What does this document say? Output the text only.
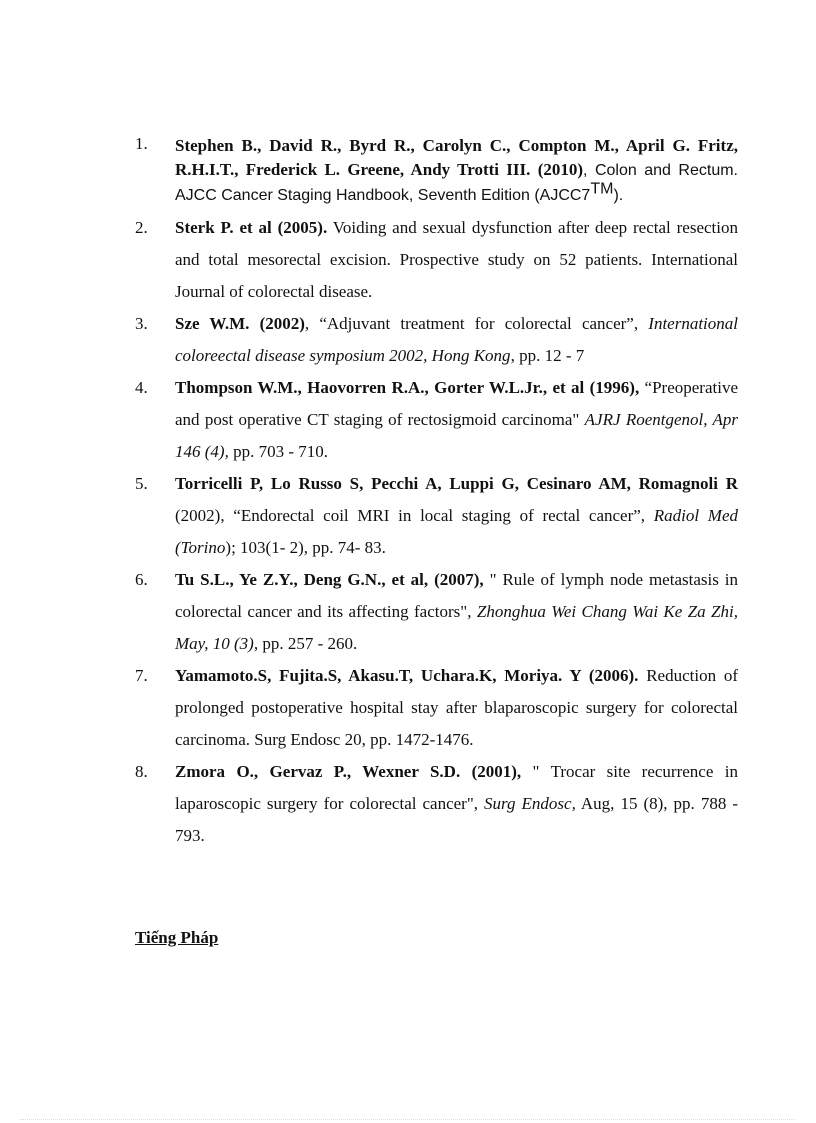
1. Stephen B., David R., Byrd R., Carolyn C., Compton M., April G. Fritz, R.H.I.T., Frederick L. Greene, Andy Trotti III. (2010), Colon and Rectum. AJCC Cancer Staging Handbook, Seventh Edition (AJCC7™).
2. Sterk P. et al (2005). Voiding and sexual dysfunction after deep rectal resection and total mesorectal excision. Prospective study on 52 patients. International Journal of colorectal disease.
3. Sze W.M. (2002), “Adjuvant treatment for colorectal cancer”, International coloreectal disease symposium 2002, Hong Kong, pp. 12 - 7
4. Thompson W.M., Haovorren R.A., Gorter W.L.Jr., et al (1996), “Preoperative and post operative CT staging of rectosigmoid carcinoma" AJRJ Roentgenol, Apr 146 (4), pp. 703 - 710.
5. Torricelli P, Lo Russo S, Pecchi A, Luppi G, Cesinaro AM, Romagnoli R (2002), “Endorectal coil MRI in local staging of rectal cancer”, Radiol Med (Torino); 103(1- 2), pp. 74- 83.
6. Tu S.L., Ye Z.Y., Deng G.N., et al, (2007), " Rule of lymph node metastasis in colorectal cancer and its affecting factors", Zhonghua Wei Chang Wai Ke Za Zhi, May, 10 (3), pp. 257 - 260.
7. Yamamoto.S, Fujita.S, Akasu.T, Uchara.K, Moriya. Y (2006). Reduction of prolonged postoperative hospital stay after blaparoscopic surgery for colorectal carcinoma. Surg Endosc 20, pp. 1472-1476.
8. Zmora O., Gervaz P., Wexner S.D. (2001), " Trocar site recurrence in laparoscopic surgery for colorectal cancer", Surg Endosc, Aug, 15 (8), pp. 788 - 793.
Tiếng Pháp
